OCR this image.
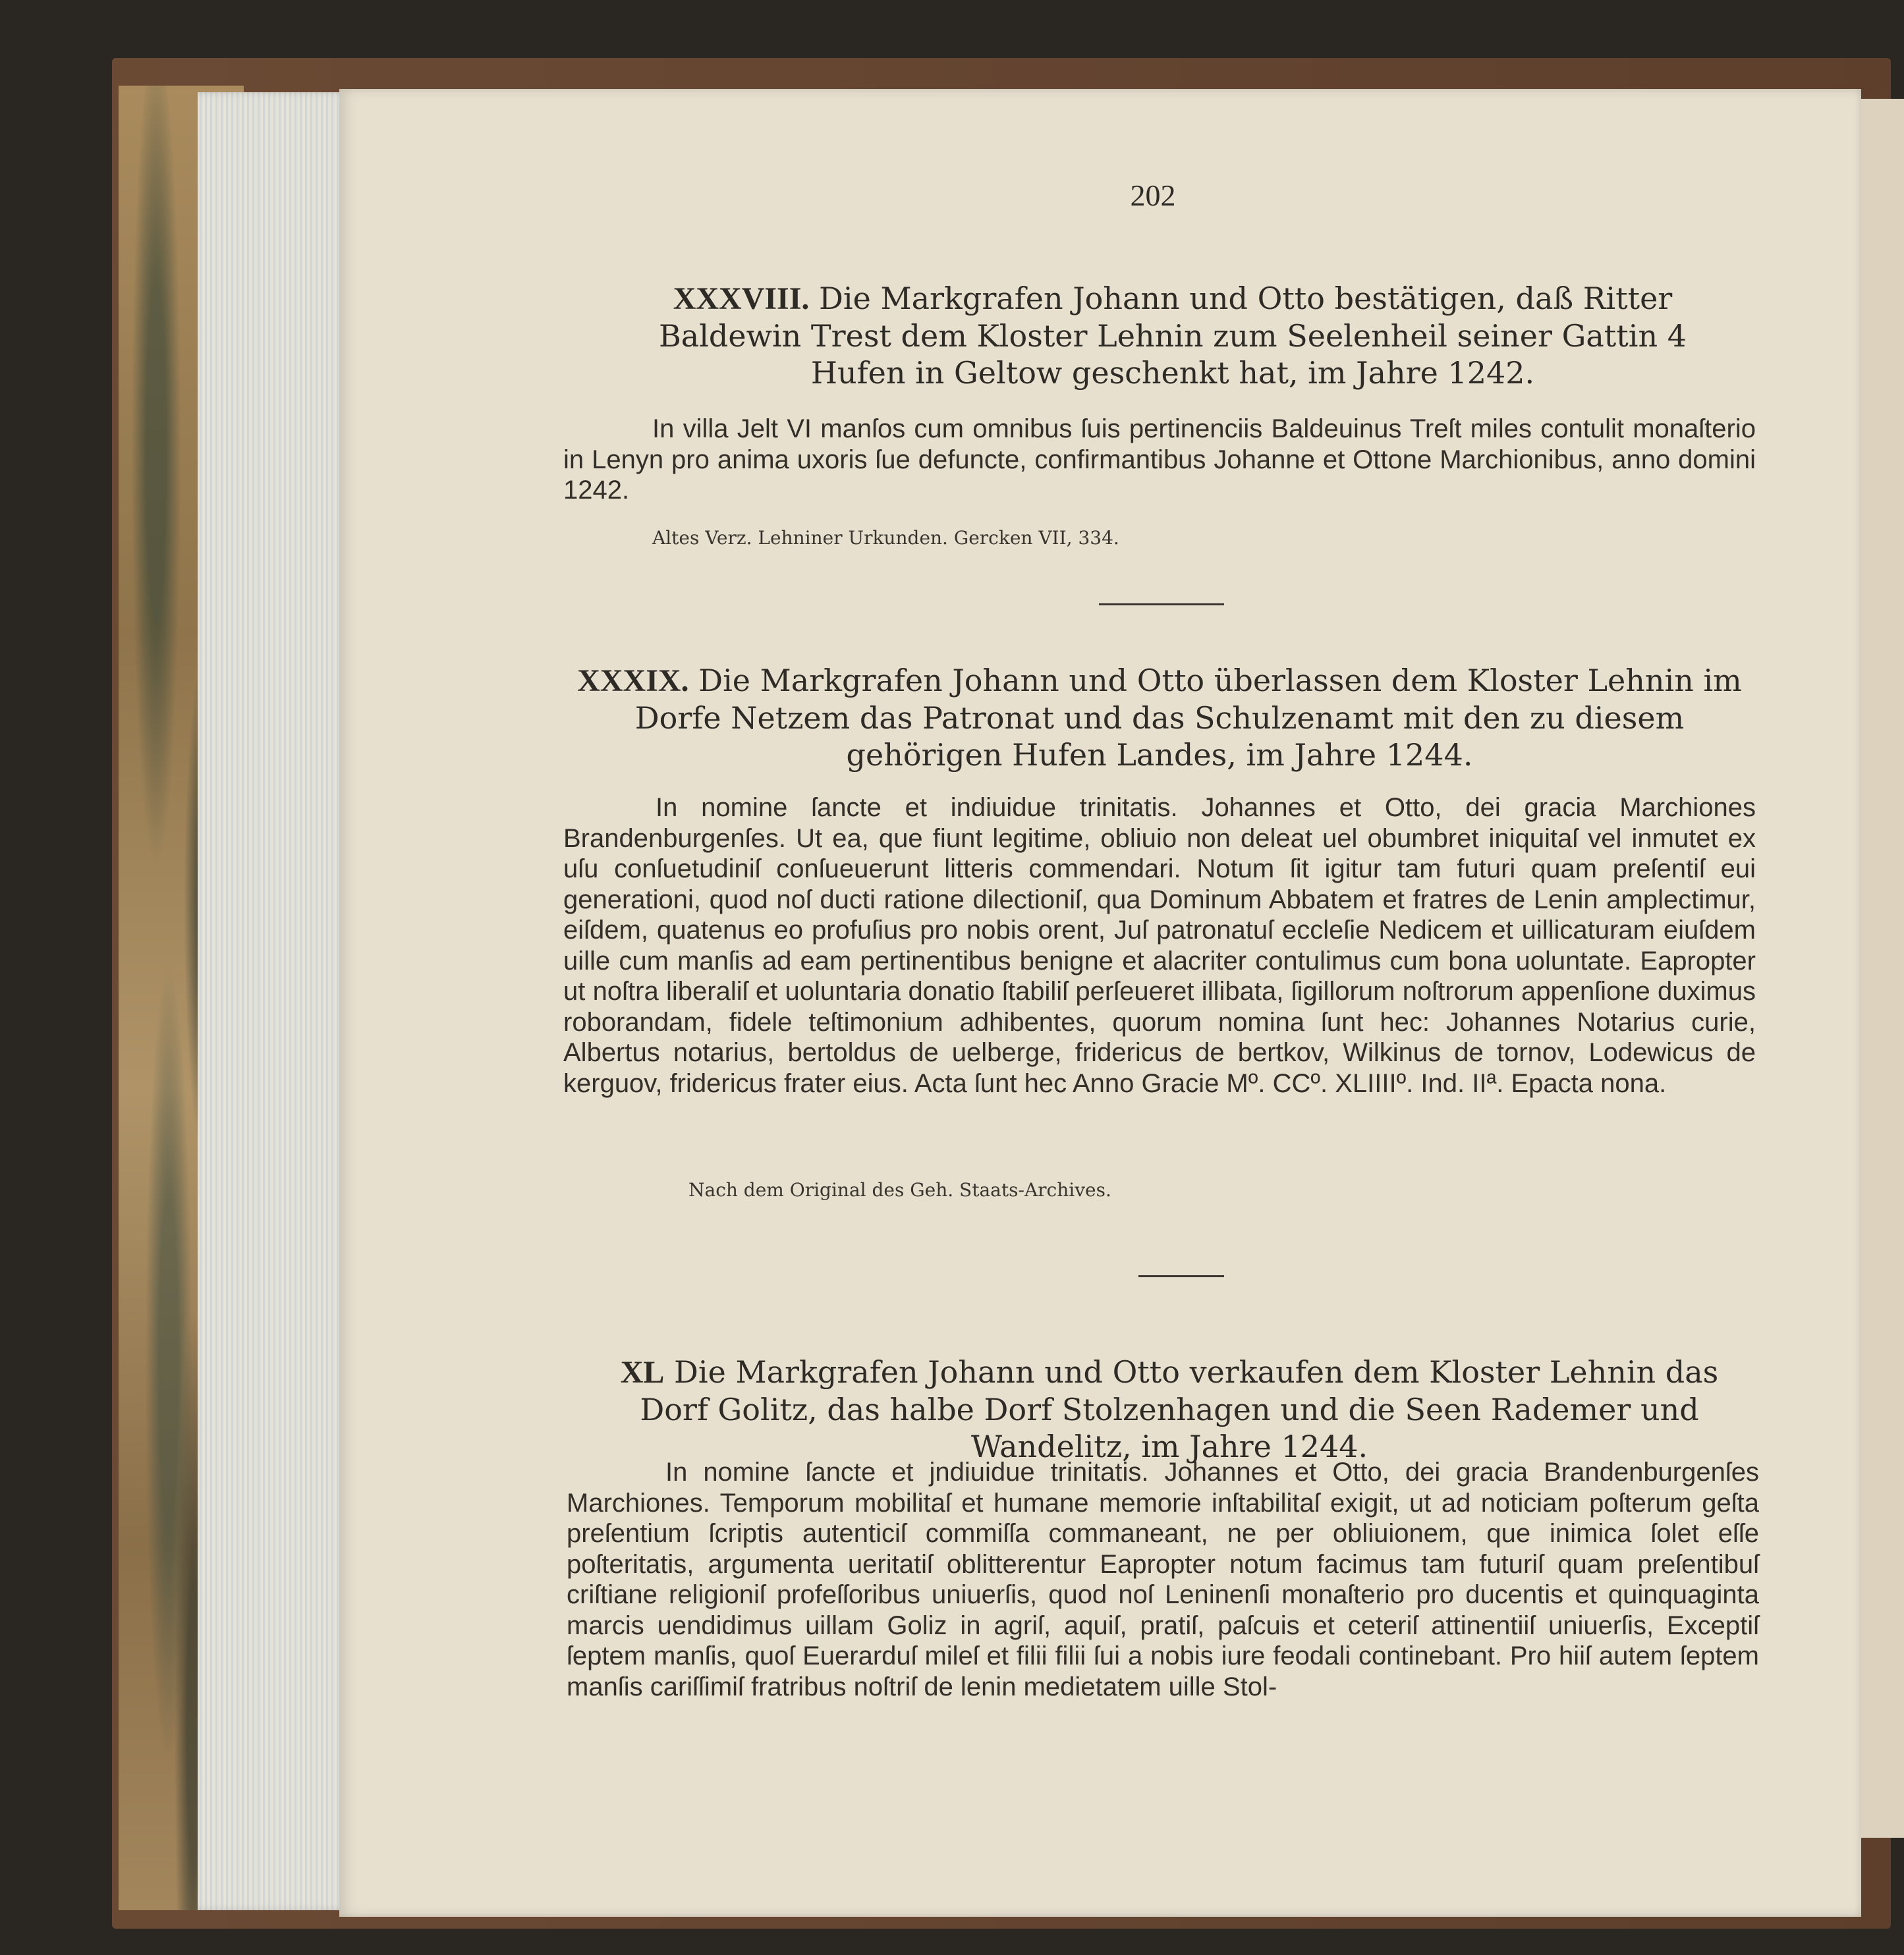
202
XXXVIII. Die Markgrafen Johann und Otto bestätigen, daß Ritter Baldewin Trest dem Kloster Lehnin zum Seelenheil seiner Gattin 4 Hufen in Geltow geschenkt hat, im Jahre 1242.
In villa Jelt VI manſos cum omnibus ſuis pertinenciis Baldeuinus Treſt miles contulit monaſterio in Lenyn pro anima uxoris ſue defuncte, confirmantibus Johanne et Ottone Marchionibus, anno domini 1242.
Altes Verz. Lehniner Urkunden. Gercken VII, 334.
XXXIX. Die Markgrafen Johann und Otto überlassen dem Kloster Lehnin im Dorfe Netzem das Patronat und das Schulzenamt mit den zu diesem gehörigen Hufen Landes, im Jahre 1244.
In nomine ſancte et indiuidue trinitatis. Johannes et Otto, dei gracia Marchiones Brandenburgenſes. Ut ea, que fiunt legitime, obliuio non deleat uel obumbret iniquitaſ vel inmutet ex uſu conſuetudiniſ conſueuerunt litteris commendari. Notum ſit igitur tam futuri quam preſentiſ eui generationi, quod noſ ducti ratione dilectioniſ, qua Dominum Abbatem et fratres de Lenin amplectimur, eiſdem, quatenus eo profuſius pro nobis orent, Juſ patronatuſ eccleſie Nedicem et uillicaturam eiuſdem uille cum manſis ad eam pertinentibus benigne et alacriter contulimus cum bona uoluntate. Eapropter ut noſtra liberaliſ et uoluntaria donatio ſtabiliſ perſeueret illibata, ſigillorum noſtrorum appenſione duximus roborandam, fidele teſtimonium adhibentes, quorum nomina ſunt hec: Johannes Notarius curie, Albertus notarius, bertoldus de uelberge, fridericus de bertkov, Wilkinus de tornov, Lodewicus de kerguov, fridericus frater eius. Acta ſunt hec Anno Gracie Mº. CCº. XLIIIIº. Ind. IIª. Epacta nona.
Nach dem Original des Geh. Staats-Archives.
XL Die Markgrafen Johann und Otto verkaufen dem Kloster Lehnin das Dorf Golitz, das halbe Dorf Stolzenhagen und die Seen Rademer und Wandelitz, im Jahre 1244.
In nomine ſancte et jndiuidue trinitatis. Johannes et Otto, dei gracia Brandenburgenſes Marchiones. Temporum mobilitaſ et humane memorie inſtabilitaſ exigit, ut ad noticiam poſterum geſta preſentium ſcriptis autenticiſ commiſſa commaneant, ne per obliuionem, que inimica ſolet eſſe poſteritatis, argumenta ueritatiſ oblitterentur Eapropter notum facimus tam futuriſ quam preſentibuſ criſtiane religioniſ profeſſoribus uniuerſis, quod noſ Leninenſi monaſterio pro ducentis et quinquaginta marcis uendidimus uillam Goliz in agriſ, aquiſ, pratiſ, paſcuis et ceteriſ attinentiiſ uniuerſis, Exceptiſ ſeptem manſis, quoſ Euerarduſ mileſ et filii filii ſui a nobis iure feodali continebant. Pro hiiſ autem ſeptem manſis cariſſimiſ fratribus noſtriſ de lenin medietatem uille Stol-
